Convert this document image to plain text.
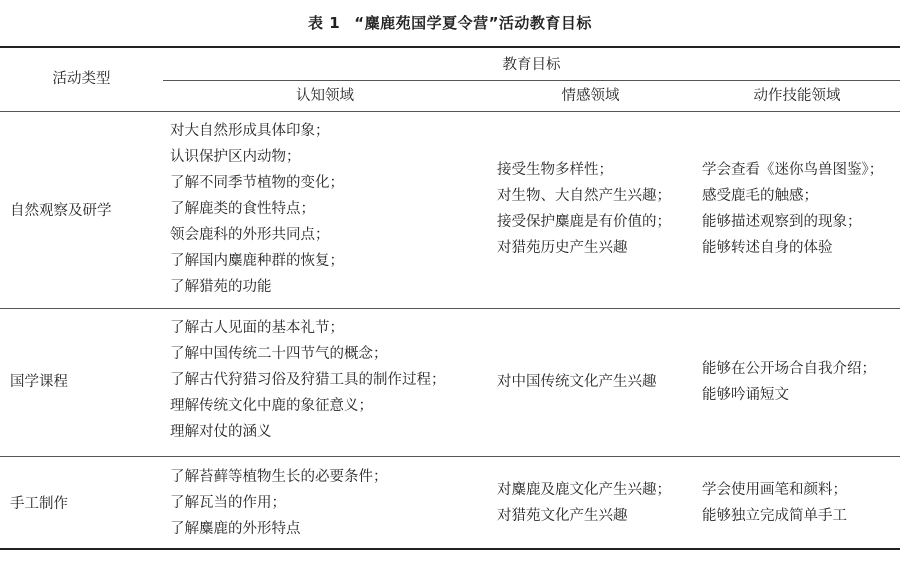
表 1 “麋鹿苑国学夏令营”活动教育目标
活动类型
教育目标
认知领域	情感领域	动作技能领域
自然观察及研学
对大自然形成具体印象；
认识保护区内动物；
了解不同季节植物的变化；
了解鹿类的食性特点；
领会鹿科的外形共同点；
了解国内麋鹿种群的恢复；
了解猎苑的功能
接受生物多样性；
对生物、大自然产生兴趣；
接受保护麋鹿是有价值的；
对猎苑历史产生兴趣
学会查看《迷你鸟兽图鉴》；
感受鹿毛的触感；
能够描述观察到的现象；
能够转述自身的体验
国学课程
了解古人见面的基本礼节；
了解中国传统二十四节气的概念；
了解古代狩猎习俗及狩猎工具的制作过程；
理解传统文化中鹿的象征意义；
理解对仗的涵义
对中国传统文化产生兴趣
能够在公开场合自我介绍；
能够吟诵短文
手工制作
了解苔藓等植物生长的必要条件；
了解瓦当的作用；
了解麋鹿的外形特点
对麋鹿及鹿文化产生兴趣；
对猎苑文化产生兴趣
学会使用画笔和颜料；
能够独立完成简单手工
